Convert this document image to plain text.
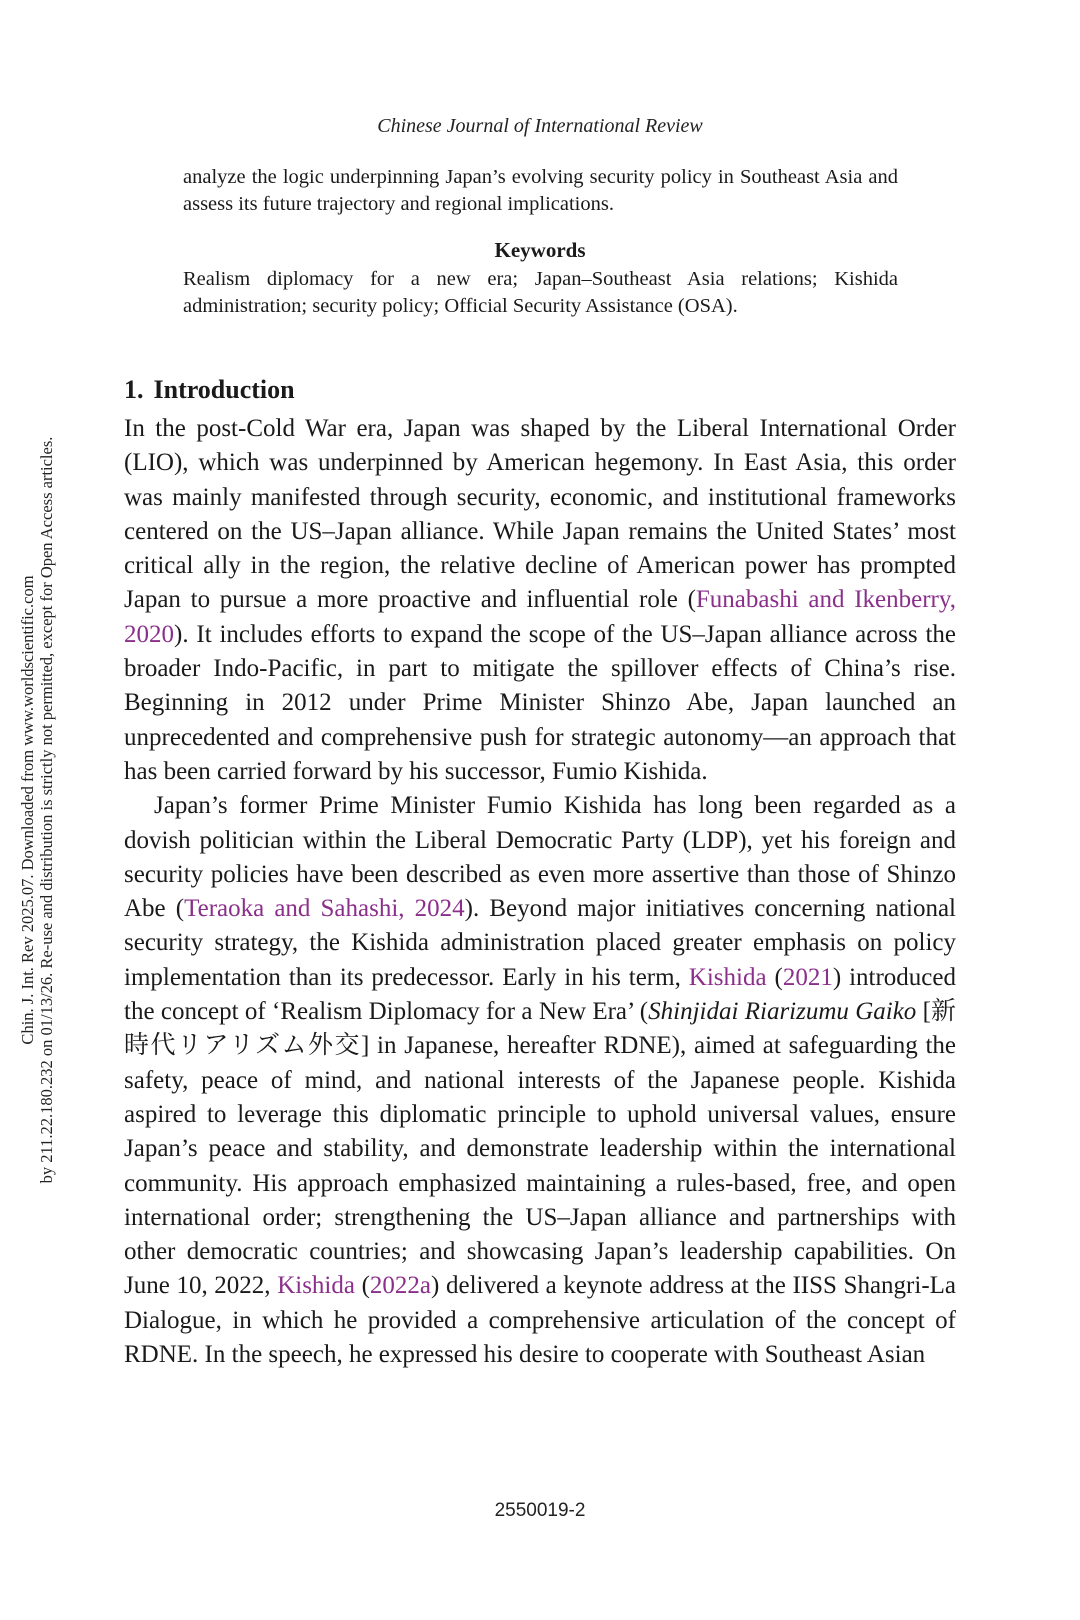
Chinese Journal of International Review

analyze the logic underpinning Japan’s evolving security policy in Southeast Asia and assess its future trajectory and regional implications.

Keywords

Realism diplomacy for a new era; Japan–Southeast Asia relations; Kishida administration; security policy; Official Security Assistance (OSA).

Chin. J. Int. Rev 2025.07. Downloaded from www.worldscientific.com by 211.22.180.232 on 01/13/26. Re-use and distribution is strictly not permitted, except for Open Access articles.
1. Introduction

In the post-Cold War era, Japan was shaped by the Liberal International Order (LIO), which was underpinned by American hegemony. In East Asia, this order was mainly manifested through security, economic, and institutional frameworks centered on the US–Japan alliance. While Japan remains the United States’ most critical ally in the region, the relative decline of American power has prompted Japan to pursue a more proactive and influential role (Funabashi and Ikenberry, 2020). It includes efforts to expand the scope of the US–Japan alliance across the broader Indo-Pacific, in part to mitigate the spillover effects of China’s rise. Beginning in 2012 under Prime Minister Shinzo Abe, Japan launched an unprecedented and comprehensive push for strategic autonomy—an approach that has been carried forward by his successor, Fumio Kishida.

Japan’s former Prime Minister Fumio Kishida has long been regarded as a dovish politician within the Liberal Democratic Party (LDP), yet his foreign and security policies have been described as even more assertive than those of Shinzo Abe (Teraoka and Sahashi, 2024). Beyond major initiatives concerning national security strategy, the Kishida administration placed greater emphasis on policy implementation than its predecessor. Early in his term, Kishida (2021) introduced the concept of ‘Realism Diplomacy for a New Era’ (Shinjidai Riarizumu Gaiko [新時代リアリズム外交] in Japanese, hereafter RDNE), aimed at safeguarding the safety, peace of mind, and national interests of the Japanese people. Kishida aspired to leverage this diplomatic principle to uphold universal values, ensure Japan’s peace and stability, and demonstrate leadership within the international community. His approach emphasized maintaining a rules-based, free, and open international order; strengthening the US–Japan alliance and partnerships with other democratic countries; and showcasing Japan’s leadership capabilities. On June 10, 2022, Kishida (2022a) delivered a keynote address at the IISS Shangri-La Dialogue, in which he provided a comprehensive articulation of the concept of RDNE. In the speech, he expressed his desire to cooperate with Southeast Asian

2550019-2
